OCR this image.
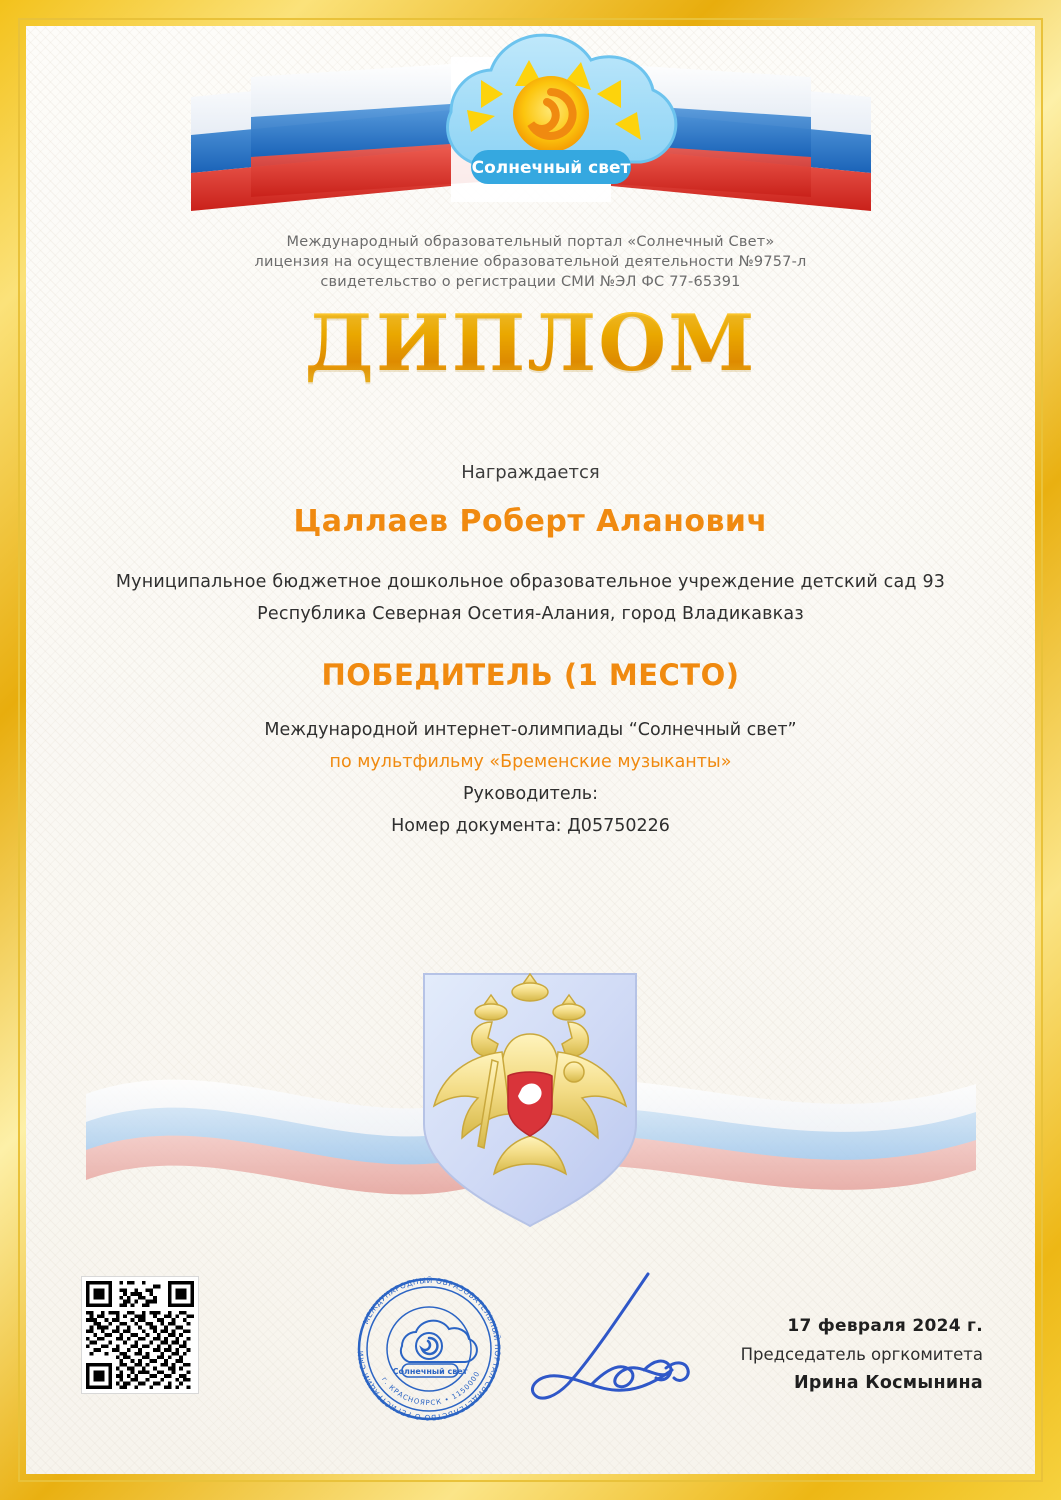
Солнечный свет
Международный образовательный портал «Солнечный Свет»
лицензия на осуществление образовательной деятельности №9757-л
свидетельство о регистрации СМИ №ЭЛ ФС 77-65391
ДИПЛОМ
Награждается
Цаллаев Роберт Аланович
Муниципальное бюджетное дошкольное образовательное учреждение детский сад 93
Республика Северная Осетия-Алания, город Владикавказ
ПОБЕДИТЕЛЬ (1 МЕСТО)
Международной интернет-олимпиады “Солнечный свет”
по мультфильму «Бременские музыканты»
Руководитель:
Номер документа: Д05750226
МЕЖДУНАРОДНЫЙ ОБРАЗОВАТЕЛЬНЫЙ ПОРТАЛ СВИДЕТЕЛЬСТВО О РЕГИСТРАЦИИ СМИ
г. КРАСНОЯРСК • 1150000
Солнечный свет
17 февраля 2024 г.
Председатель оргкомитета
Ирина Космынина
